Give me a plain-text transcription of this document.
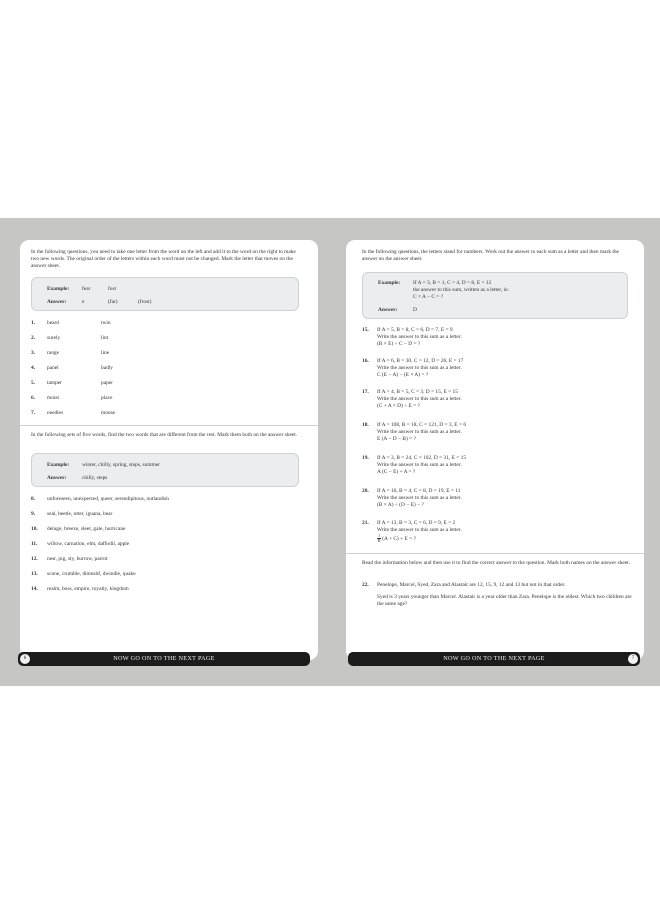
In the following questions, you need to take one letter from the word on the left and add it to the word on the right to make two new words. The original order of the letters within each word must not be changed. Mark the letter that moves on the answer sheet.
Example: fear	fost
Answer:	e	(far)	(frost)
1. beard	twin
2. surely	lint
3. range	line
4. panel	badly
5. tamper	paper
6. moist	place
7. needles	mouse
In the following sets of five words, find the two words that are different from the rest. Mark them both on the answer sheet.
Example: winter, chilly, spring, steps, summer
Answer:	chilly, steps
8. unforeseen, unexpected, queer, serendipitous, outlandish
9. seal, beetle, otter, iguana, bear
10. deluge, breeze, sleet, gale, hurricane
11. willow, carnation, elm, daffodil, apple
12. nest, pig, sty, burrow, parrot
13. scone, crumble, dimnshf, dwindle, quake
14. realm, boss, empire, royalty, kingdom
In the following questions, the letters stand for numbers. Work out the answer to each sum as a letter and then mark the answer on the answer sheet.
Example: If A = 3, B = 1, C = 4, D = 8, E = 12
the answer to this sum, written as a letter, is:
C × A − C = ?
Answer:	D
15. If A = 5, B = 8, C = 6, D = 7, E = 9
Write the answer to this sum as a letter.
(B × E) ÷ C − D = ?
16. If A = 6, B = 30, C = 12, D = 26, E = 17
Write the answer to this sum as a letter.
C (E − A) − (E × A) = ?
17. If A = 4, B = 5, C = 3, D = 15, E = 15
Write the answer to this sum as a letter.
(C + A × D) ÷ E = ?
18. If A = 108, B = 18, C = 121, D = 3, E = 6
Write the answer to this sum as a letter.
E (A − D − B) = ?
19. If A = 3, B = 24, C = 102, D = 31, E = 15
Write the answer to this sum as a letter.
A (C − E) + A = ?
20. If A = 16, B = 4, C = 8, D = 19, E = 11
Write the answer to this sum as a letter.
(B × A) ÷ (D − E) − ?
21. If A = 13, B = 3, C = 6, D = 9, E = 2
Write the answer to this sum as a letter.
$\frac{1}{B} (A + C) + E$ = ?
Read the information below and then use it to find the correct answer to the question. Mark both names on the answer sheet.
22. Penelope, Marcel, Syed, Zara and Alastair are 12, 15, 9, 12 and 13 but not in that order.
Syed is 3 years younger than Marcel. Alastair is a year older than Zara. Penelope is the oldest. Which two children are the same age?
6	NOW GO ON TO THE NEXT PAGE	NOW GO ON TO THE NEXT PAGE	7
